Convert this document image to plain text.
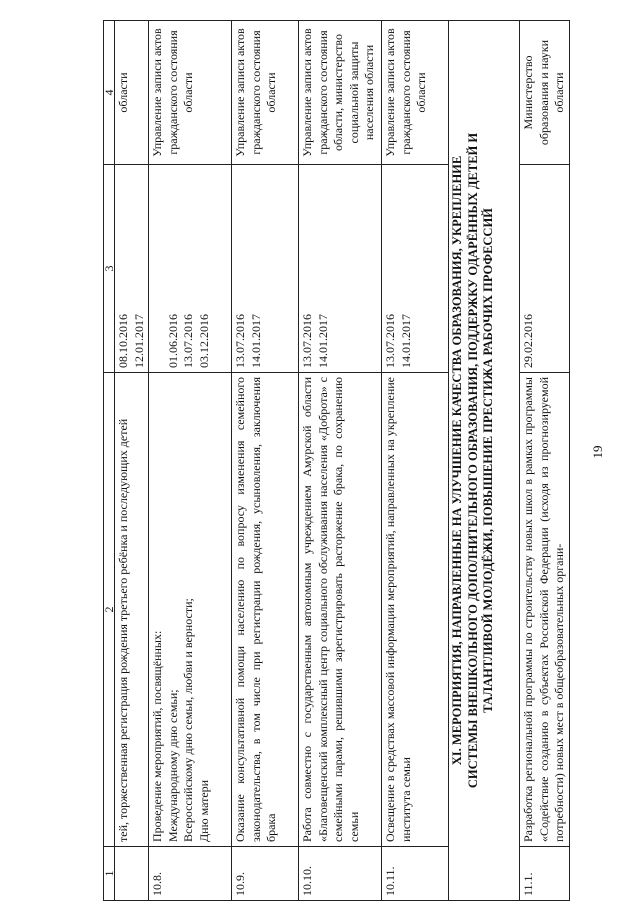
19
1	2	3	4
	тей, торжественная регистрация рождения третьего ребёнка и последующих детей	08.10.2016 12.01.2017	области
10.8.	Проведение мероприятий, посвящённых: Международному дню семьи; Всероссийскому дню семьи, любви и верности; Дню матери	01.06.2016 13.07.2016 03.12.2016	Управление записи актов гражданского состояния области
10.9.	Оказание консультативной помощи населению по вопросу изменения семейного законодательства, в том числе при регистрации рождения, усыновления, заключения брака	13.07.2016 14.01.2017	Управление записи актов гражданского состояния области
10.10.	Работа совместно с государственным автономным учреждением Амурской области «Благовещенский комплексный центр социального обслуживания населения «Доброта» с семейными парами, решившими зарегистрировать расторжение брака, по сохранению семьи	13.07.2016 14.01.2017	Управление записи актов гражданского состояния области, министерство социальной защиты населения области
10.11.	Освещение в средствах массовой информации мероприятий, направленных на укрепление института семьи	13.07.2016 14.01.2017	Управление записи актов гражданского состояния области

XI. МЕРОПРИЯТИЯ, НАПРАВЛЕННЫЕ НА УЛУЧШЕНИЕ КАЧЕСТВА ОБРАЗОВАНИЯ, УКРЕПЛЕНИЕ СИСТЕМЫ ВНЕШКОЛЬНОГО ДОПОЛНИТЕЛЬНОГО ОБРАЗОВАНИЯ, ПОДДЕРЖКУ ОДАРЁННЫХ ДЕТЕЙ И ТАЛАНТЛИВОЙ МОЛОДЁЖИ, ПОВЫШЕНИЕ ПРЕСТИЖА РАБОЧИХ ПРОФЕССИЙ			

11.1.	Разработка региональной программы по строительству новых школ в рамках программы «Содействие созданию в субъектах Российской Федерации (исходя из прогнозируемой потребности) новых мест в общеобразовательных органи-	29.02.2016	Министерство образования и науки области
